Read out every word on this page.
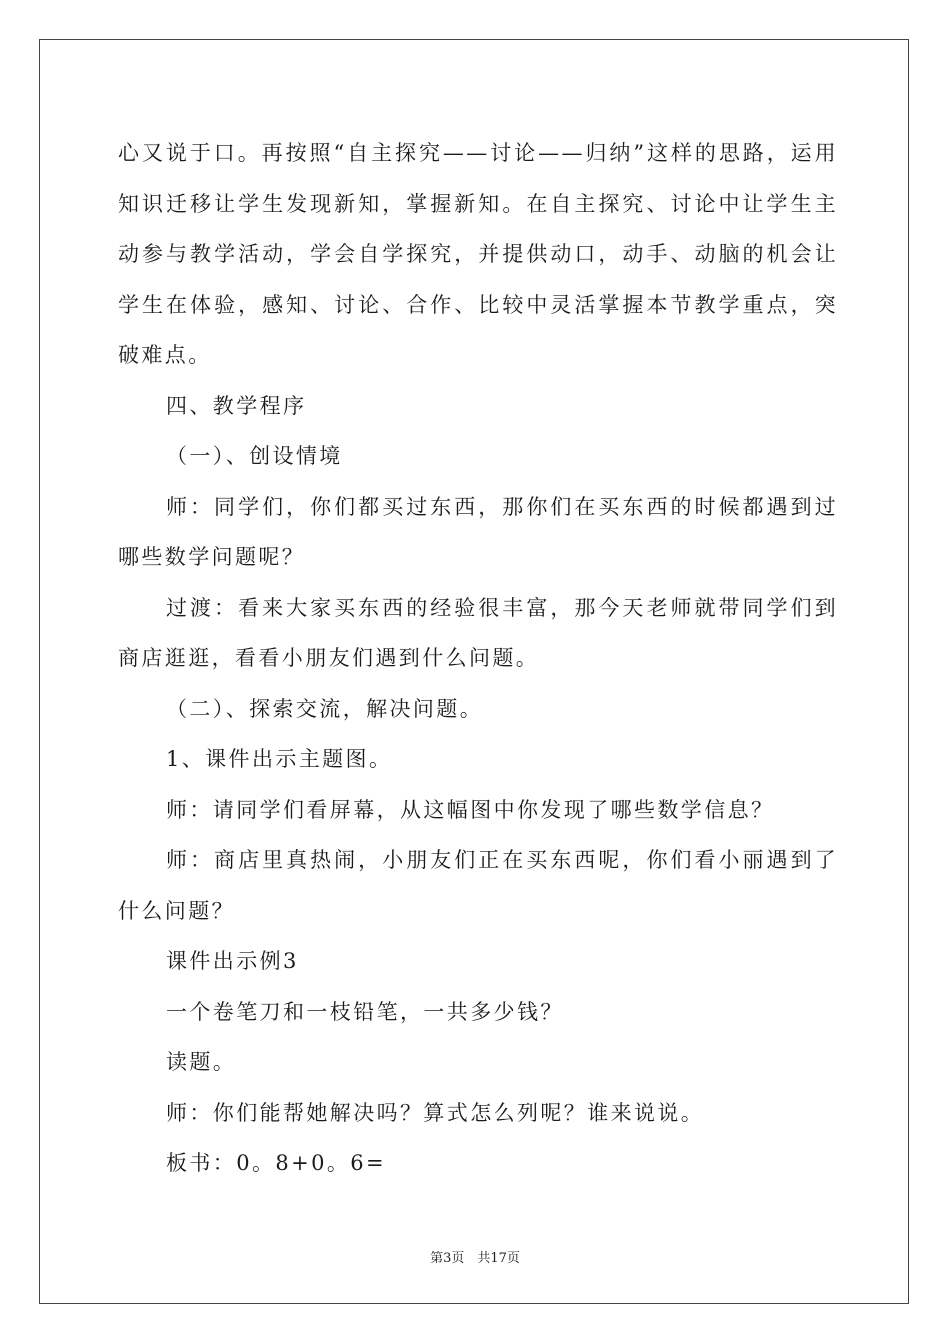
心又说于口。再按照“自主探究——讨论——归纳”这样的思路，运用知识迁移让学生发现新知，掌握新知。在自主探究、讨论中让学生主动参与教学活动，学会自学探究，并提供动口，动手、动脑的机会让学生在体验，感知、讨论、合作、比较中灵活掌握本节教学重点，突破难点。

四、教学程序

（一）、创设情境

师：同学们，你们都买过东西，那你们在买东西的时候都遇到过哪些数学问题呢？

过渡：看来大家买东西的经验很丰富，那今天老师就带同学们到商店逛逛，看看小朋友们遇到什么问题。

（二）、探索交流，解决问题。

1、课件出示主题图。

师：请同学们看屏幕，从这幅图中你发现了哪些数学信息？

师：商店里真热闹，小朋友们正在买东西呢，你们看小丽遇到了什么问题？

课件出示例3

一个卷笔刀和一枝铅笔，一共多少钱？

读题。

师：你们能帮她解决吗？算式怎么列呢？谁来说说。

板书：0。8+0。6=

第3页　共17页
